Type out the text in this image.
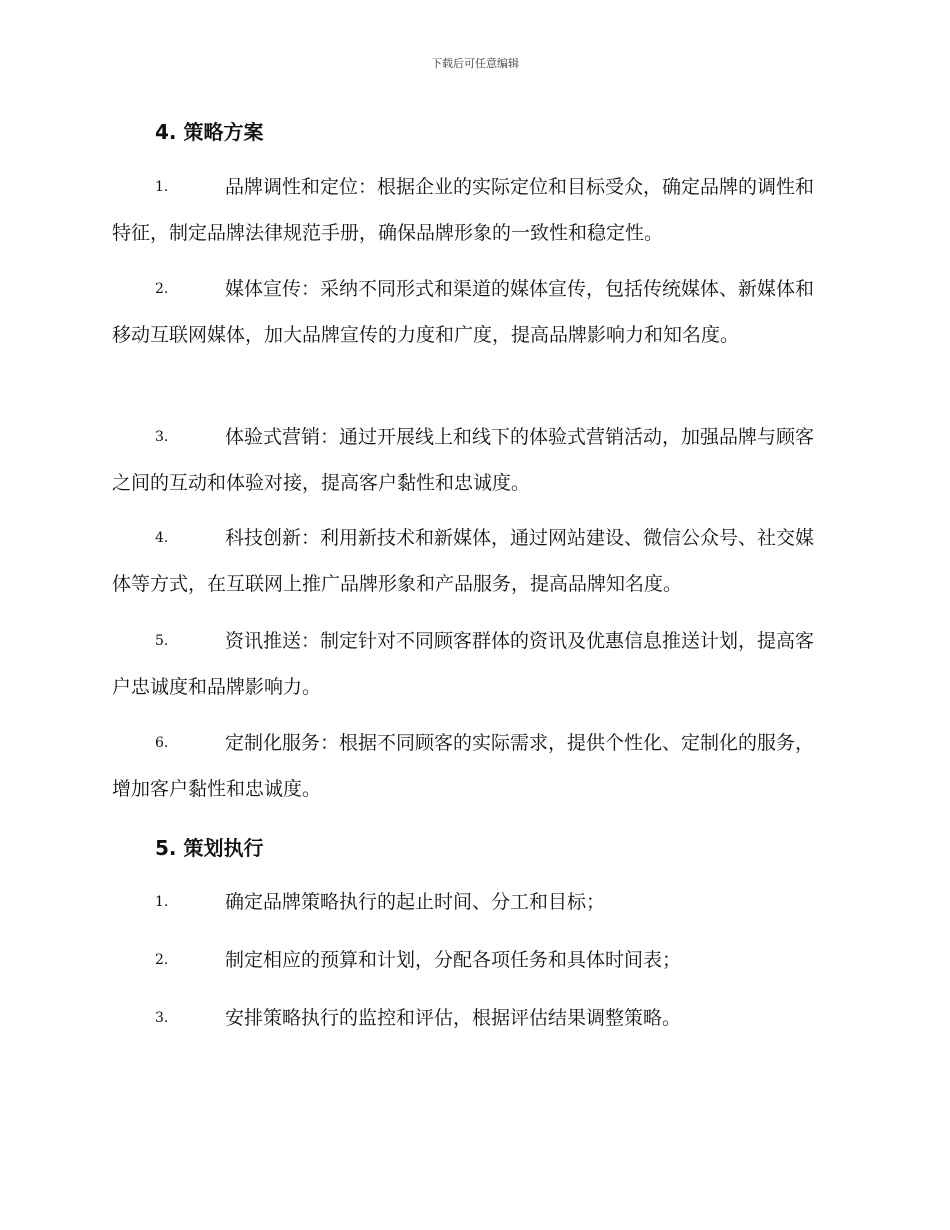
下载后可任意编辑
4. 策略方案
1.	品牌调性和定位：根据企业的实际定位和目标受众，确定品牌的调性和特征，制定品牌法律规范手册，确保品牌形象的一致性和稳定性。
2.	媒体宣传：采纳不同形式和渠道的媒体宣传，包括传统媒体、新媒体和移动互联网媒体，加大品牌宣传的力度和广度，提高品牌影响力和知名度。
3.	体验式营销：通过开展线上和线下的体验式营销活动，加强品牌与顾客之间的互动和体验对接，提高客户黏性和忠诚度。
4.	科技创新：利用新技术和新媒体，通过网站建设、微信公众号、社交媒体等方式，在互联网上推广品牌形象和产品服务，提高品牌知名度。
5.	资讯推送：制定针对不同顾客群体的资讯及优惠信息推送计划，提高客户忠诚度和品牌影响力。
6.	定制化服务：根据不同顾客的实际需求，提供个性化、定制化的服务，增加客户黏性和忠诚度。
5. 策划执行
1.	确定品牌策略执行的起止时间、分工和目标；
2.	制定相应的预算和计划，分配各项任务和具体时间表；
3.	安排策略执行的监控和评估，根据评估结果调整策略。
